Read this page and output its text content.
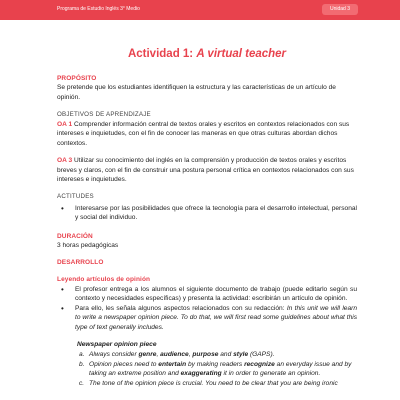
Programa de Estudio Inglés 3° Medio	Unidad 3
Actividad 1: A virtual teacher
PROPÓSITO

Se pretende que los estudiantes identifiquen la estructura y las características de un artículo de opinión.

OBJETIVOS DE APRENDIZAJE

OA 1 Comprender información central de textos orales y escritos en contextos relacionados con sus intereses e inquietudes, con el fin de conocer las maneras en que otras culturas abordan dichos contextos.

OA 3 Utilizar su conocimiento del inglés en la comprensión y producción de textos orales y escritos breves y claros, con el fin de construir una postura personal crítica en contextos relacionados con sus intereses e inquietudes.

ACTITUDES
• Interesarse por las posibilidades que ofrece la tecnología para el desarrollo intelectual, personal y social del individuo.
DURACIÓN

3 horas pedagógicas

DESARROLLO
Leyendo artículos de opinión
• El profesor entrega a los alumnos el siguiente documento de trabajo (puede editarlo según su contexto y necesidades específicas) y presenta la actividad: escribirán un artículo de opinión.
• Para ello, les señala algunos aspectos relacionados con su redacción: In this unit we will learn to write a newspaper opinion piece. To do that, we will first read some guidelines about what this type of text generally includes.

Newspaper opinion piece

a. Always consider genre, audience, purpose and style (GAPS).
b. Opinion pieces need to entertain by making readers recognize an everyday issue and by taking an extreme position and exaggerating it in order to generate an opinion.
c. The tone of the opinion piece is crucial. You need to be clear that you are being ironic
